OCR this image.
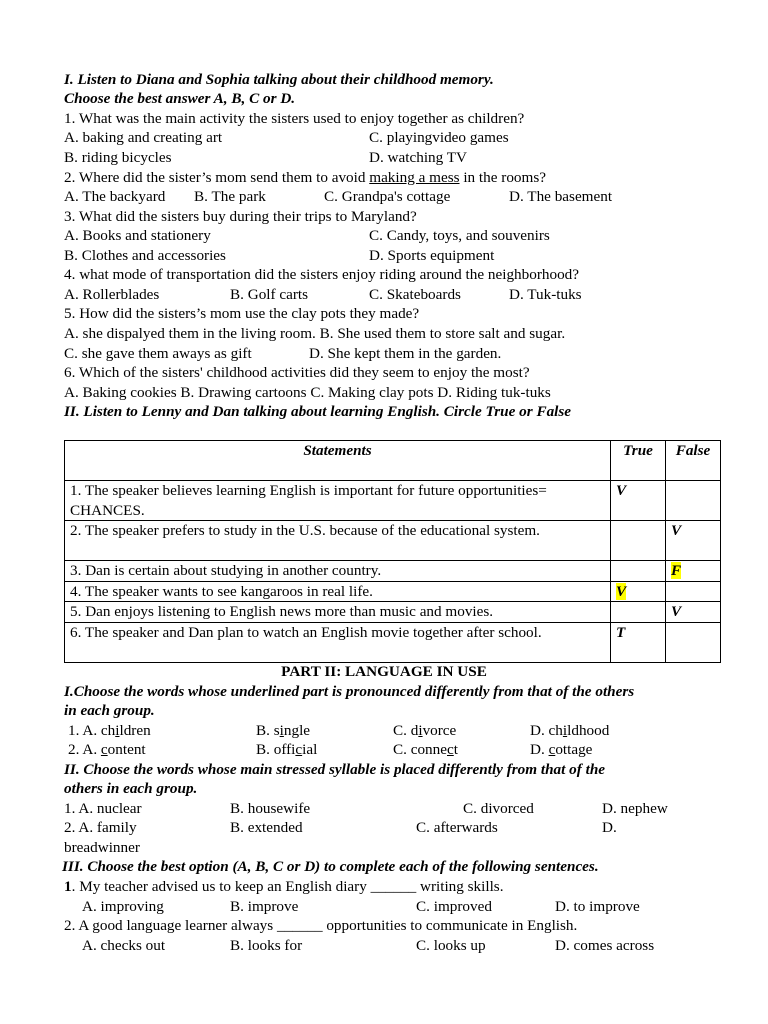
I. Listen to Diana and Sophia talking about their childhood memory.
Choose the best answer A, B, C or D.
1. What was the main activity the sisters used to enjoy together as children?
A. baking and creating art	C. playingvideo games
B. riding bicycles	D. watching TV
2. Where did the sister’s mom send them to avoid making a mess in the rooms?
A. The backyard B. The park	C. Grandpa's cottage	D. The basement
3. What did the sisters buy during their trips to Maryland?
A. Books and stationery	C. Candy, toys, and souvenirs
B. Clothes and accessories	D. Sports equipment
4. what mode of transportation did the sisters enjoy riding around the neighborhood?
A. Rollerblades	B. Golf carts	C. Skateboards	D. Tuk-tuks
5. How did the sisters’s mom use the clay pots they made?
A. she dispalyed them in the living room. B. She used them to store salt and sugar.
C. she gave them aways as gift	D. She kept them in the garden.
6. Which of the sisters' childhood activities did they seem to enjoy the most?
A. Baking cookies B. Drawing cartoons C. Making clay pots D. Riding tuk-tuks
II. Listen to Lenny and Dan talking about learning English. Circle True or False
Statements	True	False
1. The speaker believes learning English is important for future opportunities= CHANCES.	V	
2. The speaker prefers to study in the U.S. because of the educational system.		V
3. Dan is certain about studying in another country.		F
4. The speaker wants to see kangaroos in real life.	V	
5. Dan enjoys listening to English news more than music and movies.		V
6. The speaker and Dan plan to watch an English movie together after school.	T	
PART II: LANGUAGE IN USE
I.Choose the words whose underlined part is pronounced differently from that of the others
in each group.
1. A. children	B. single	C. divorce	D. childhood
2. A. content	B. official	C. connect	D. cottage
II. Choose the words whose main stressed syllable is placed differently from that of the
others in each group.
1. A. nuclear	B. housewife	C. divorced	D. nephew
2. A. family	B. extended	C. afterwards	D.
breadwinner
III. Choose the best option (A, B, C or D) to complete each of the following sentences.
1. My teacher advised us to keep an English diary ______ writing skills.
A. improving	B. improve	C. improved	D. to improve
2. A good language learner always ______ opportunities to communicate in English.
A. checks out	B. looks for	C. looks up	D. comes across
